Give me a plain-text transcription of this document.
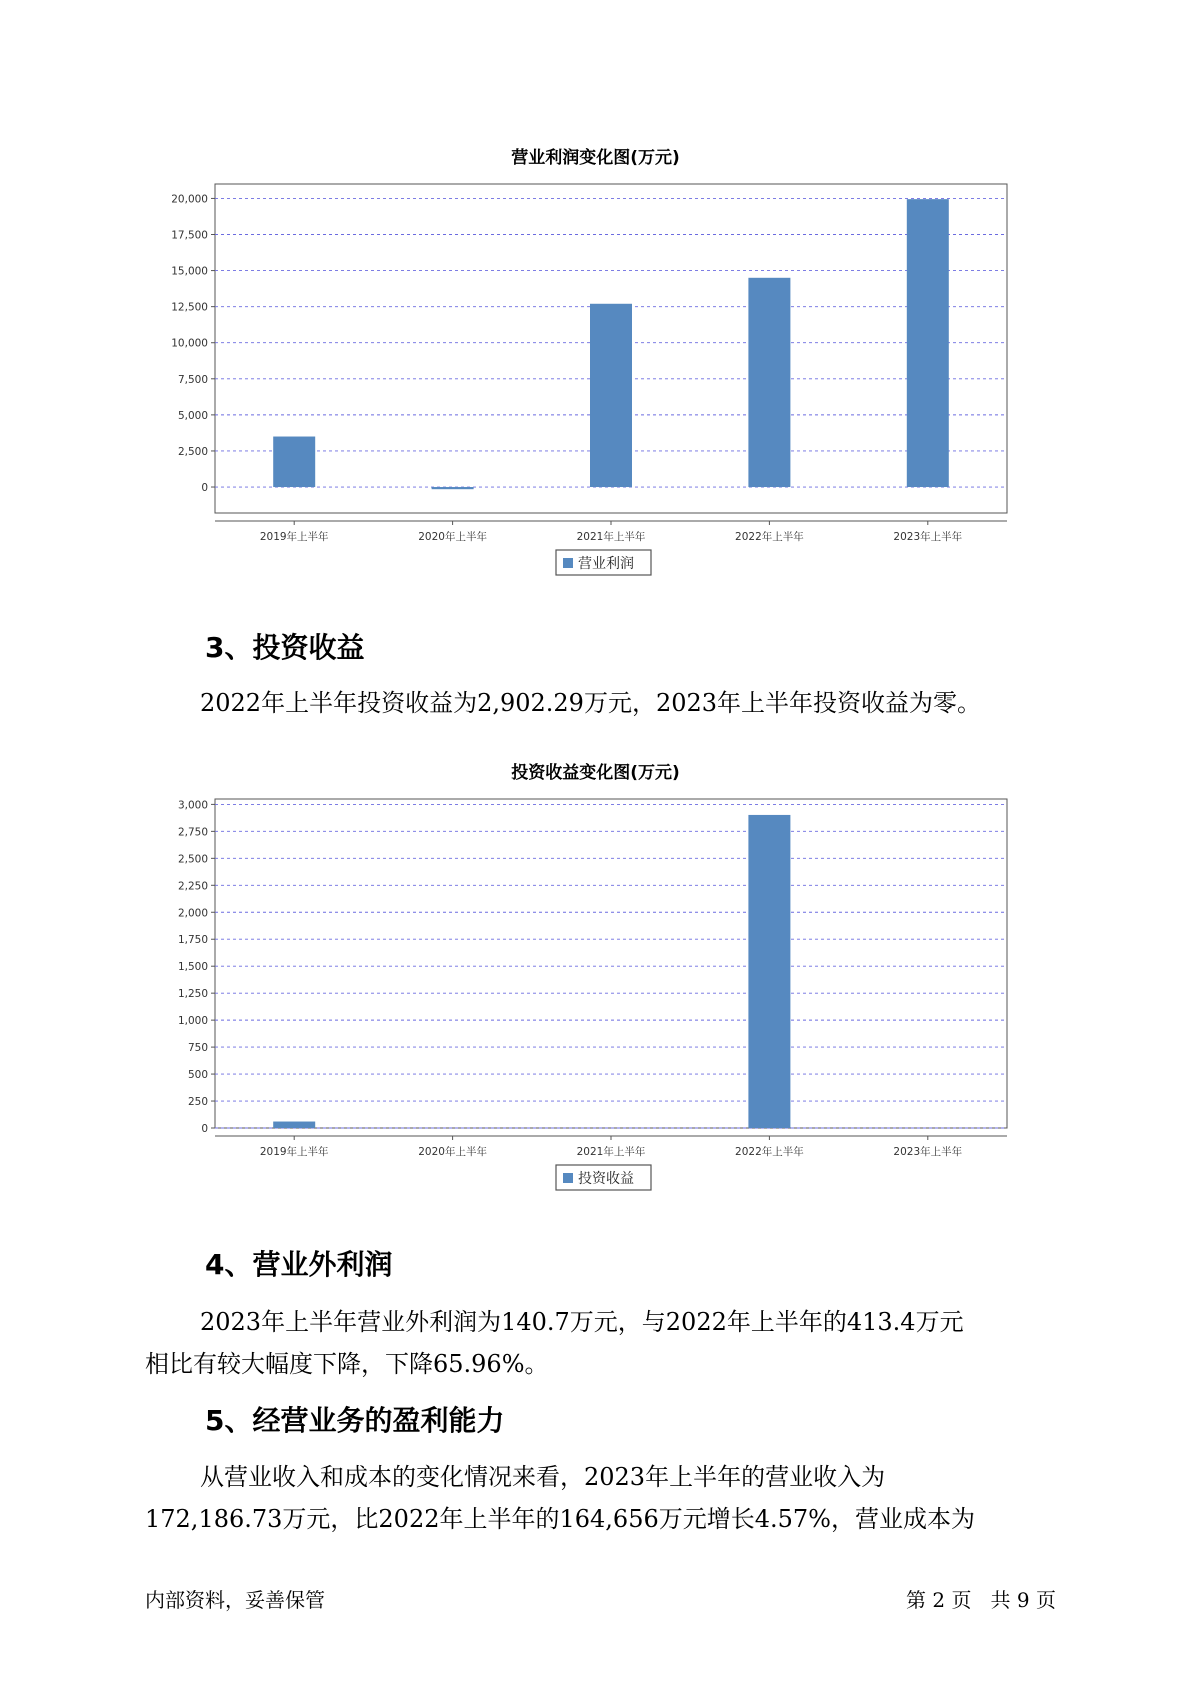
营业利润变化图(万元)
0
2,500
5,000
7,500
10,000
12,500
15,000
17,500
20,000
2019年上半年	2020年上半年	2021年上半年	2022年上半年	2023年上半年
营业利润
3、投资收益
2022年上半年投资收益为2,902.29万元，2023年上半年投资收益为零。
投资收益变化图(万元)
0
250
500
750
1,000
1,250
1,500
1,750
2,000
2,250
2,500
2,750
3,000
2019年上半年	2020年上半年	2021年上半年	2022年上半年	2023年上半年
投资收益
4、营业外利润
2023年上半年营业外利润为140.7万元，与2022年上半年的413.4万元
相比有较大幅度下降，下降65.96%。
5、经营业务的盈利能力
从营业收入和成本的变化情况来看，2023年上半年的营业收入为
172,186.73万元，比2022年上半年的164,656万元增长4.57%，营业成本为
内部资料，妥善保管	第 2 页   共 9 页
